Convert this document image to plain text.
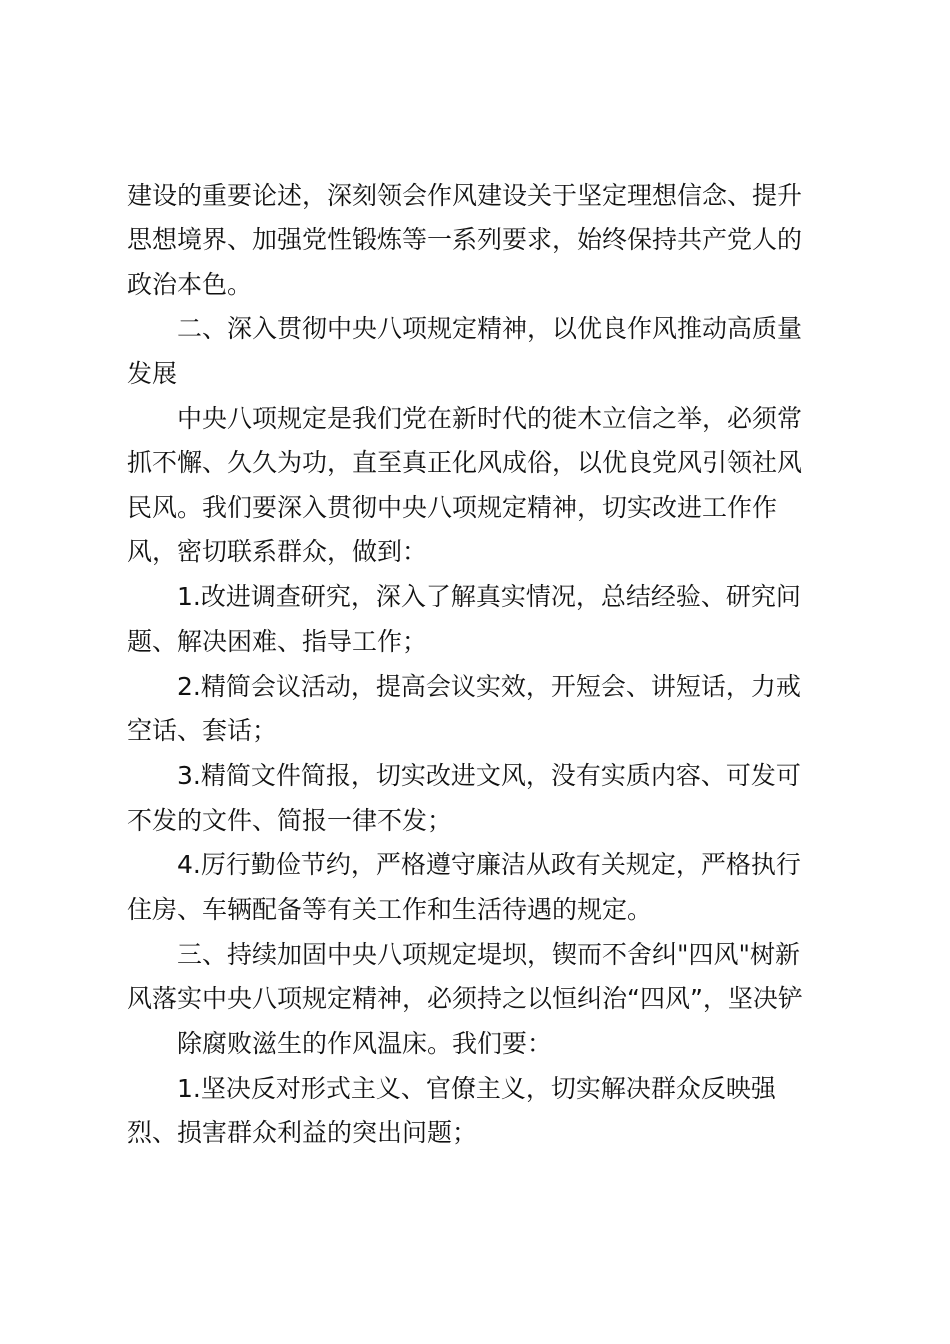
建设的重要论述，深刻领会作风建设关于坚定理想信念、提升
思想境界、加强党性锻炼等一系列要求，始终保持共产党人的
政治本色。
二、深入贯彻中央八项规定精神，以优良作风推动高质量
发展
中央八项规定是我们党在新时代的徙木立信之举，必须常
抓不懈、久久为功，直至真正化风成俗，以优良党风引领社风
民风。我们要深入贯彻中央八项规定精神，切实改进工作作
风，密切联系群众，做到：
1.改进调查研究，深入了解真实情况，总结经验、研究问
题、解决困难、指导工作；
2.精简会议活动，提高会议实效，开短会、讲短话，力戒
空话、套话；
3.精简文件简报，切实改进文风，没有实质内容、可发可
不发的文件、简报一律不发；
4.厉行勤俭节约，严格遵守廉洁从政有关规定，严格执行
住房、车辆配备等有关工作和生活待遇的规定。
三、持续加固中央八项规定堤坝，锲而不舍纠"四风"树新
风落实中央八项规定精神，必须持之以恒纠治“四风”，坚决铲
除腐败滋生的作风温床。我们要：
1.坚决反对形式主义、官僚主义，切实解决群众反映强
烈、损害群众利益的突出问题；
